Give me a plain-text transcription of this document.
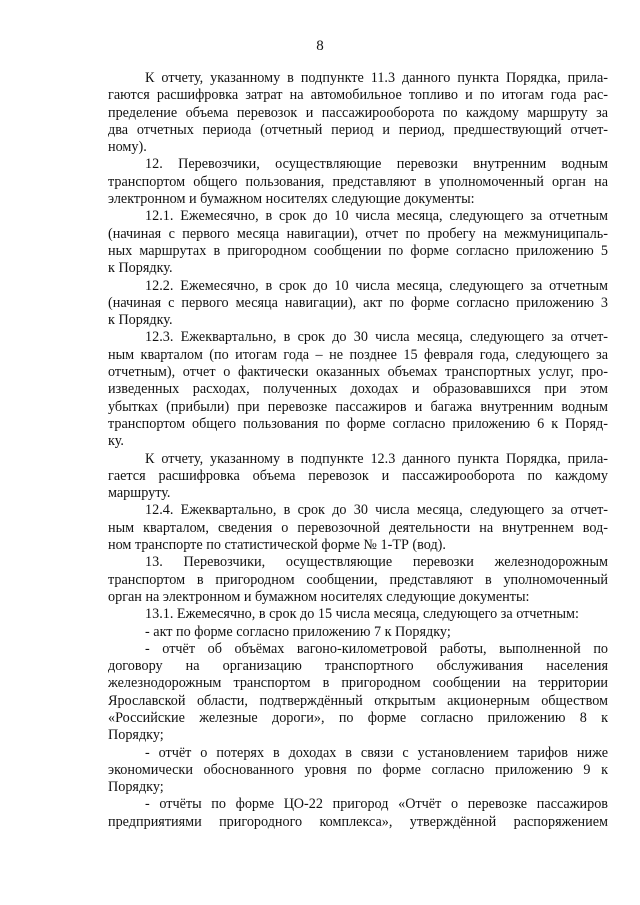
8
К отчету, указанному в подпункте 11.3 данного пункта Порядка, прила-
гаются расшифровка затрат на автомобильное топливо и по итогам года рас-
пределение объема перевозок и пассажирооборота по каждому маршруту за
два отчетных периода (отчетный период и период, предшествующий отчет-
ному).
12. Перевозчики, осуществляющие перевозки внутренним водным
транспортом общего пользования, представляют в уполномоченный орган на
электронном и бумажном носителях следующие документы:
12.1. Ежемесячно, в срок до 10 числа месяца, следующего за отчетным
(начиная с первого месяца навигации), отчет по пробегу на межмуниципаль-
ных маршрутах в пригородном сообщении по форме согласно приложению 5
к Порядку.
12.2. Ежемесячно, в срок до 10 числа месяца, следующего за отчетным
(начиная с первого месяца навигации), акт по форме согласно приложению 3
к Порядку.
12.3. Ежеквартально, в срок до 30 числа месяца, следующего за отчет-
ным кварталом (по итогам года – не позднее 15 февраля года, следующего за
отчетным), отчет о фактически оказанных объемах транспортных услуг, про-
изведенных расходах, полученных доходах и образовавшихся при этом
убытках (прибыли) при перевозке пассажиров и багажа внутренним водным
транспортом общего пользования по форме согласно приложению 6 к Поряд-
ку.
К отчету, указанному в подпункте 12.3 данного пункта Порядка, прила-
гается расшифровка объема перевозок и пассажирооборота по каждому
маршруту.
12.4. Ежеквартально, в срок до 30 числа месяца, следующего за отчет-
ным кварталом, сведения о перевозочной деятельности на внутреннем вод-
ном транспорте по статистической форме № 1-ТР (вод).
13. Перевозчики, осуществляющие перевозки железнодорожным
транспортом в пригородном сообщении, представляют в уполномоченный
орган на электронном и бумажном носителях следующие документы:
13.1. Ежемесячно, в срок до 15 числа месяца, следующего за отчетным:
- акт по форме согласно приложению 7 к Порядку;
- отчёт об объёмах вагоно-километровой работы, выполненной по
договору на организацию транспортного обслуживания населения
железнодорожным транспортом в пригородном сообщении на территории
Ярославской области, подтверждённый открытым акционерным обществом
«Российские железные дороги», по форме согласно приложению 8 к
Порядку;
- отчёт о потерях в доходах в связи с установлением тарифов ниже
экономически обоснованного уровня по форме согласно приложению 9 к
Порядку;
- отчёты по форме ЦО-22 пригород «Отчёт о перевозке пассажиров
предприятиями пригородного комплекса», утверждённой распоряжением
